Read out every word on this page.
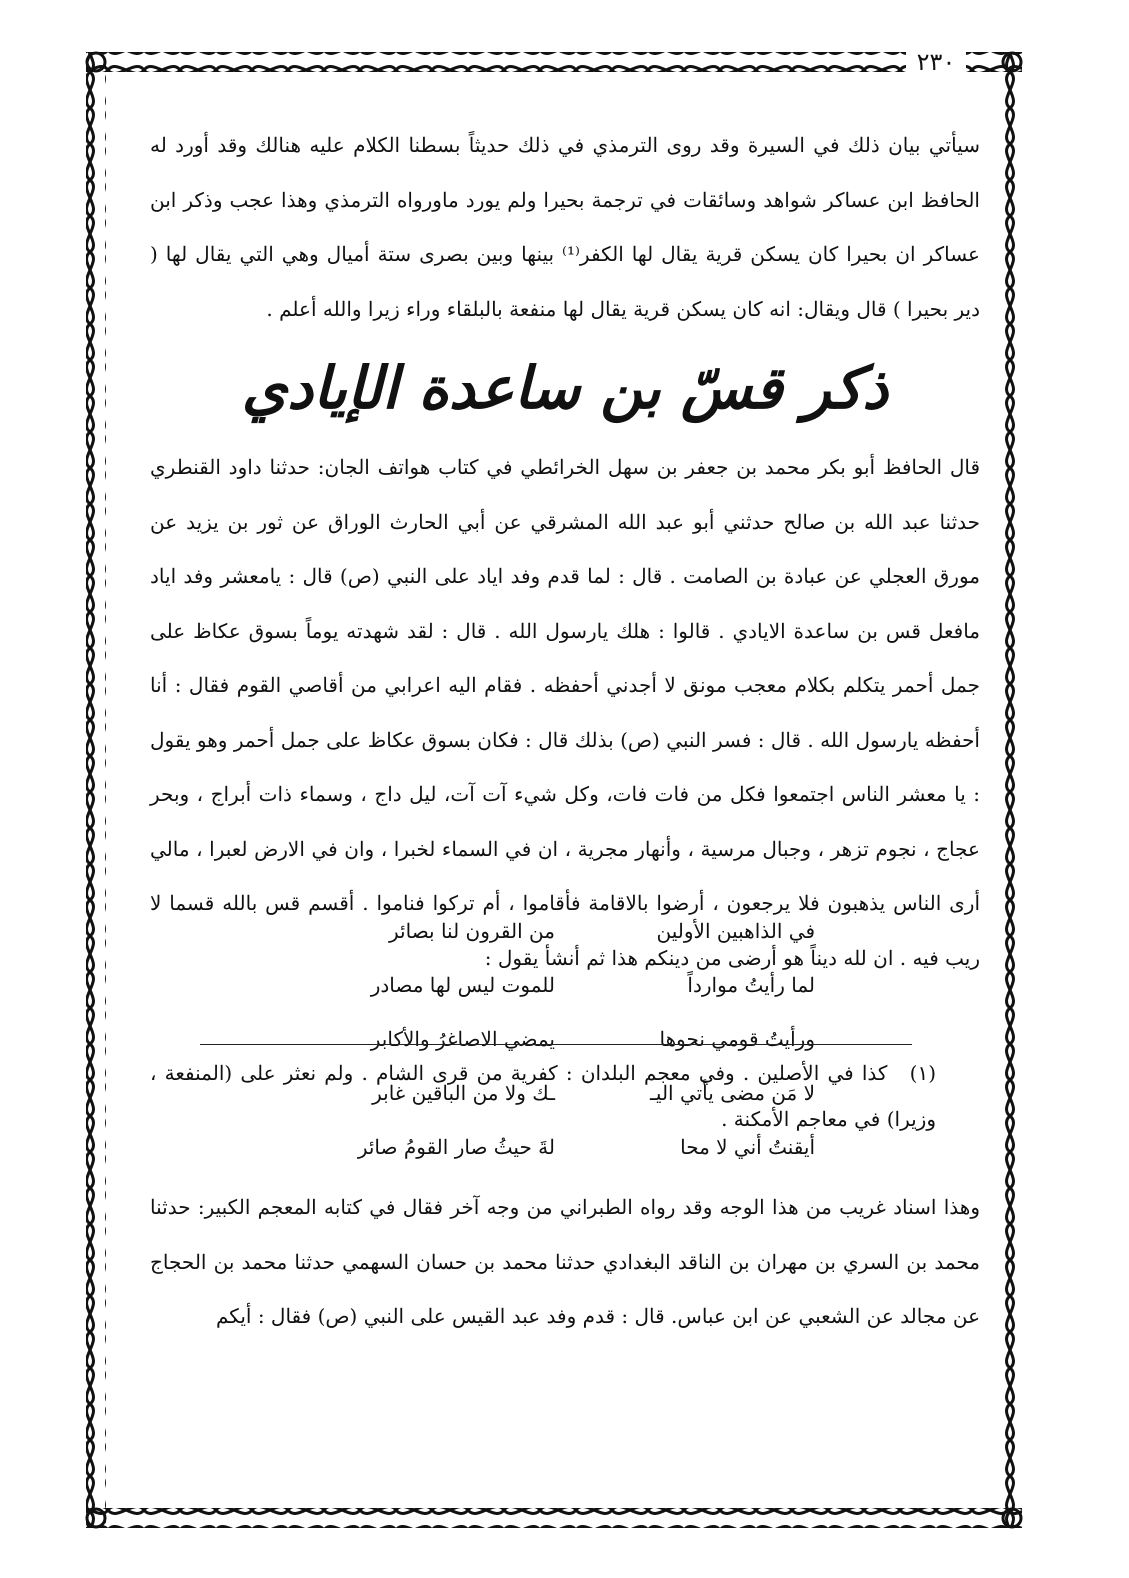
٢٣٠

سيأتي بيان ذلك في السيرة وقد روى الترمذي في ذلك حديثاً بسطنا الكلام عليه هنالك وقد أورد له الحافظ ابن عساكر شواهد وسائقات في ترجمة بحيرا ولم يورد ماورواه الترمذي وهذا عجب وذكر ابن عساكر ان بحيرا كان يسكن قرية يقال لها الكفر⁽¹⁾ بينها وبين بصرى ستة أميال وهي التي يقال لها ( دير بحيرا ) قال ويقال: انه كان يسكن قرية يقال لها منفعة بالبلقاء وراء زيرا والله أعلم .

ذكر قسّ بن ساعدة الإيادي

قال الحافظ أبو بكر محمد بن جعفر بن سهل الخرائطي في كتاب هواتف الجان: حدثنا داود القنطري حدثنا عبد الله بن صالح حدثني أبو عبد الله المشرقي عن أبي الحارث الوراق عن ثور بن يزيد عن مورق العجلي عن عبادة بن الصامت . قال : لما قدم وفد اياد على النبي (ص) قال : يامعشر وفد اياد مافعل قس بن ساعدة الايادي . قالوا : هلك يارسول الله . قال : لقد شهدته يوماً بسوق عكاظ على جمل أحمر يتكلم بكلام معجب مونق لا أجدني أحفظه . فقام اليه اعرابي من أقاصي القوم فقال : أنا أحفظه يارسول الله . قال : فسر النبي (ص) بذلك قال : فكان بسوق عكاظ على جمل أحمر وهو يقول : يا معشر الناس اجتمعوا فكل من فات فات، وكل شيء آت آت، ليل داج ، وسماء ذات أبراج ، وبحر عجاج ، نجوم تزهر ، وجبال مرسية ، وأنهار مجرية ، ان في السماء لخبرا ، وان في الارض لعبرا ، مالي أرى الناس يذهبون فلا يرجعون ، أرضوا بالاقامة فأقاموا ، أم تركوا فناموا . أقسم قس بالله قسما لا ريب فيه . ان لله ديناً هو أرضى من دينكم هذا ثم أنشأ يقول :

في الذاهبين الأولين
من القرون لنا بصائر
لما رأيتُ موارداً
للموت ليس لها مصادر
ورأيتُ قومي نحوها
يمضي الاصاغرُ والأكابر
لا مَن مضى يأتي اليـ
ـك ولا من الباقين غابر
أيقنتُ أني لا محا
لةَ حيثُ صار القومُ صائر

وهذا اسناد غريب من هذا الوجه وقد رواه الطبراني من وجه آخر فقال في كتابه المعجم الكبير: حدثنا محمد بن السري بن مهران بن الناقد البغدادي حدثنا محمد بن حسان السهمي حدثنا محمد بن الحجاج عن مجالد عن الشعبي عن ابن عباس. قال : قدم وفد عبد القيس على النبي (ص) فقال : أيكم

(١) كذا في الأصلين . وفي معجم البلدان : كفرية من قرى الشام . ولم نعثر على (المنفعة ، وزيرا) في معاجم الأمكنة .
